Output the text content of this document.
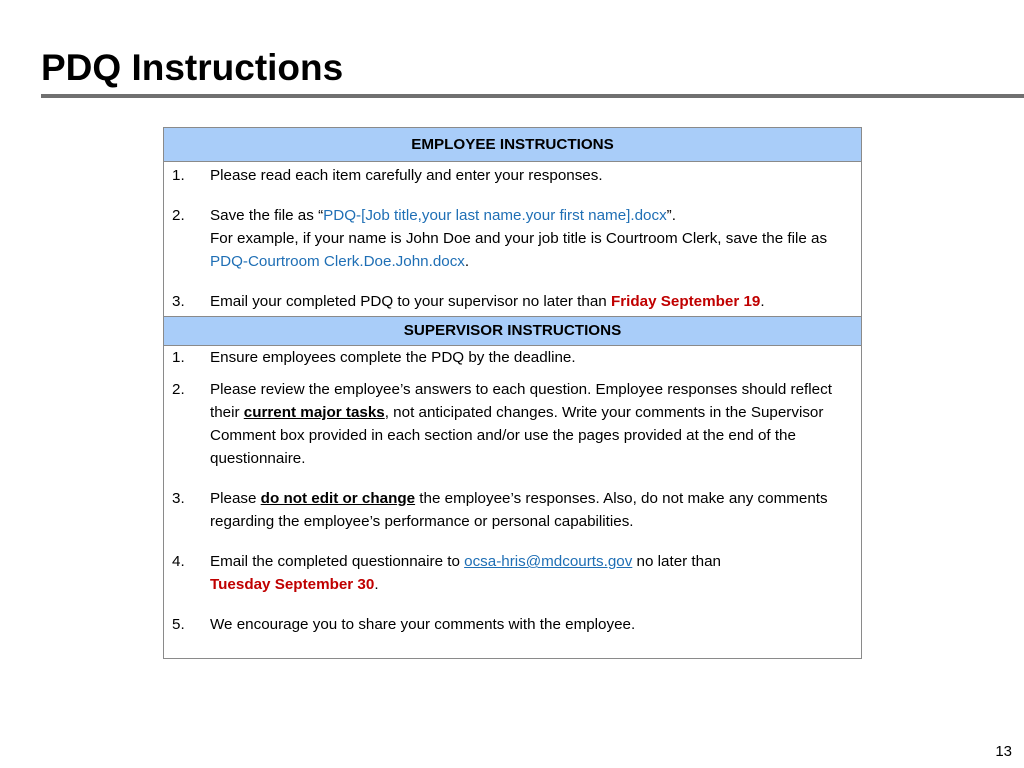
PDQ Instructions
EMPLOYEE INSTRUCTIONS
1. Please read each item carefully and enter your responses.
2. Save the file as “PDQ-[Job title,your last name.your first name].docx”.
For example, if your name is John Doe and your job title is Courtroom Clerk, save the file as PDQ-Courtroom Clerk.Doe.John.docx.
3. Email your completed PDQ to your supervisor no later than Friday September 19.
SUPERVISOR INSTRUCTIONS
1. Ensure employees complete the PDQ by the deadline.
2. Please review the employee’s answers to each question. Employee responses should reflect their current major tasks, not anticipated changes. Write your comments in the Supervisor Comment box provided in each section and/or use the pages provided at the end of the questionnaire.
3. Please do not edit or change the employee’s responses. Also, do not make any comments regarding the employee’s performance or personal capabilities.
4. Email the completed questionnaire to ocsa-hris@mdcourts.gov no later than
Tuesday September 30.
5. We encourage you to share your comments with the employee.
13
